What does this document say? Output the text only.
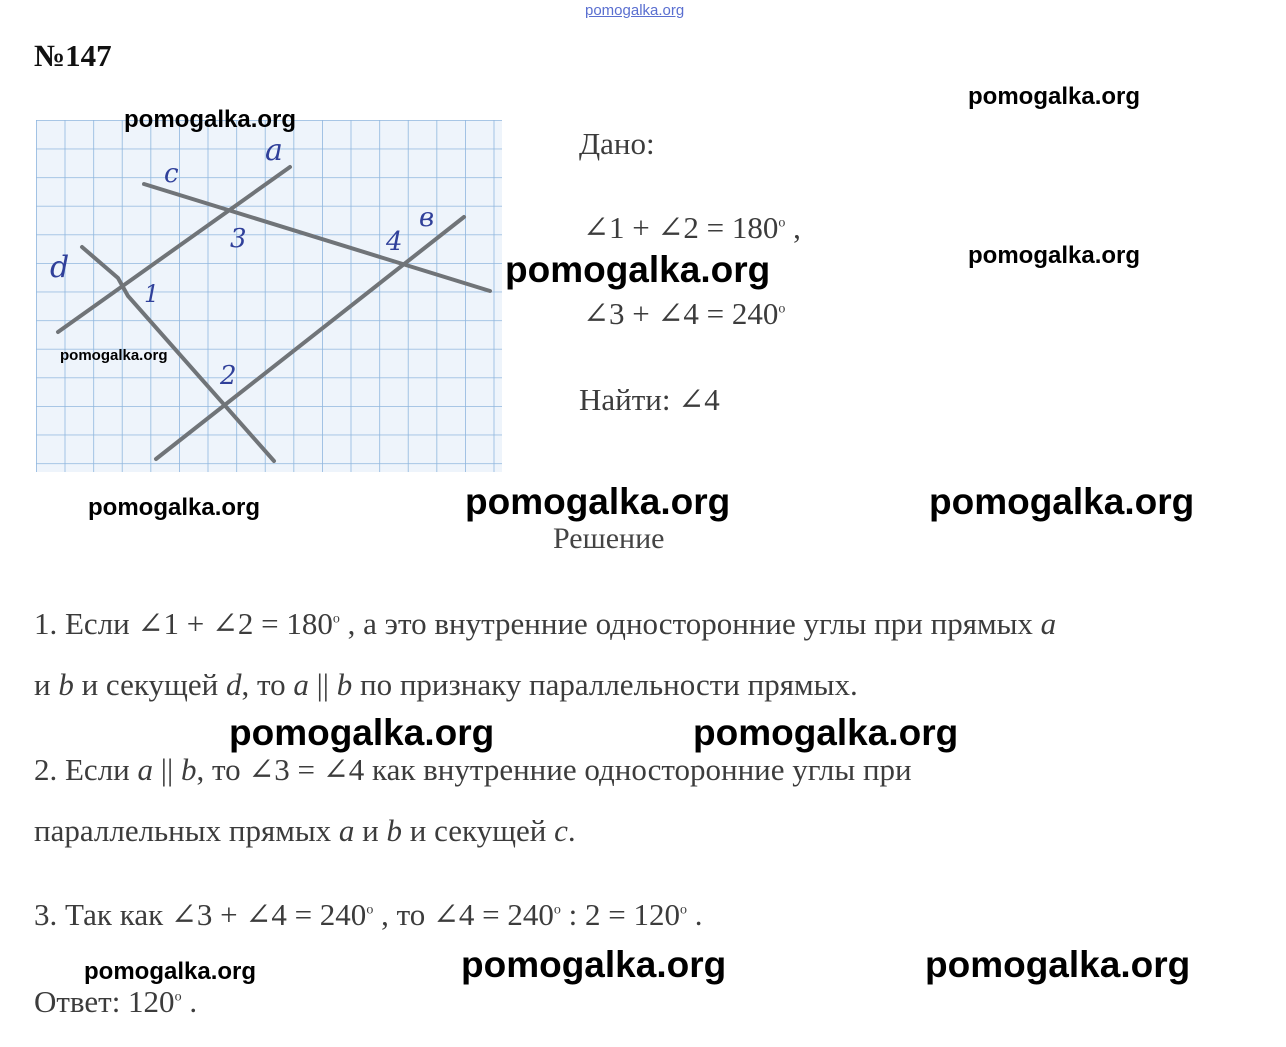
pomogalka.org
№147
c
a
в
d
3	4
1
2
Дано:
∠1 + ∠2 = $180^o$ ,
∠3 + ∠4 = $240^o$
Найти: ∠4
Решение
1. Если ∠1 + ∠2 = $180^o$ , а это внутренние односторонние углы при прямых a
и b и секущей d, то a || b по признаку параллельности прямых.
2. Если a || b, то ∠3 = ∠4 как внутренние односторонние углы при
параллельных прямых a и b и секущей c.
3. Так как ∠3 + ∠4 = $240^o$ , то ∠4 = $240^o$ : $2 = 120^o$ .
Ответ: 120$^o$ .
pomogalka.org
pomogalka.org
pomogalka.org
pomogalka.org
pomogalka.org
pomogalka.org	pomogalka.org	pomogalka.org
pomogalka.org	pomogalka.org
pomogalka.org	pomogalka.org	pomogalka.org
